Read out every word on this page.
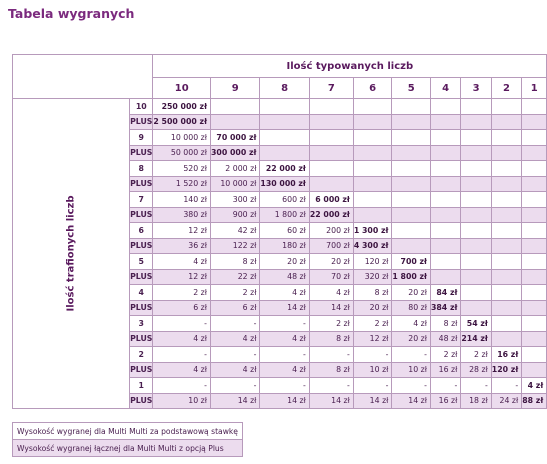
Tabela wygranych
		Ilość typowanych liczb									
		10	9	8	7	6	5	4	3	2	1
Ilość trafionych liczb	10	250 000 zł									
	PLUS	2 500 000 zł									
	9	10 000 zł	70 000 zł								
	PLUS	50 000 zł	300 000 zł								
	8	520 zł	2 000 zł	22 000 zł							
	PLUS	1 520 zł	10 000 zł	130 000 zł							
	7	140 zł	300 zł	600 zł	6 000 zł						
	PLUS	380 zł	900 zł	1 800 zł	22 000 zł						
	6	12 zł	42 zł	60 zł	200 zł	1 300 zł					
	PLUS	36 zł	122 zł	180 zł	700 zł	4 300 zł					
	5	4 zł	8 zł	20 zł	20 zł	120 zł	700 zł				
	PLUS	12 zł	22 zł	48 zł	70 zł	320 zł	1 800 zł				
	4	2 zł	2 zł	4 zł	4 zł	8 zł	20 zł	84 zł			
	PLUS	6 zł	6 zł	14 zł	14 zł	20 zł	80 zł	384 zł			
	3	-	-	-	2 zł	2 zł	4 zł	8 zł	54 zł		
	PLUS	4 zł	4 zł	4 zł	8 zł	12 zł	20 zł	48 zł	214 zł		
	2	-	-	-	-	-	-	2 zł	2 zł	16 zł	
	PLUS	4 zł	4 zł	4 zł	8 zł	10 zł	10 zł	16 zł	28 zł	120 zł	
	1	-	-	-	-	-	-	-	-	-	4 zł
	PLUS	10 zł	14 zł	14 zł	14 zł	14 zł	14 zł	16 zł	18 zł	24 zł	88 zł
Wysokość wygranej dla Multi Multi za podstawową stawkę
Wysokość wygranej łącznej dla Multi Multi z opcją Plus
